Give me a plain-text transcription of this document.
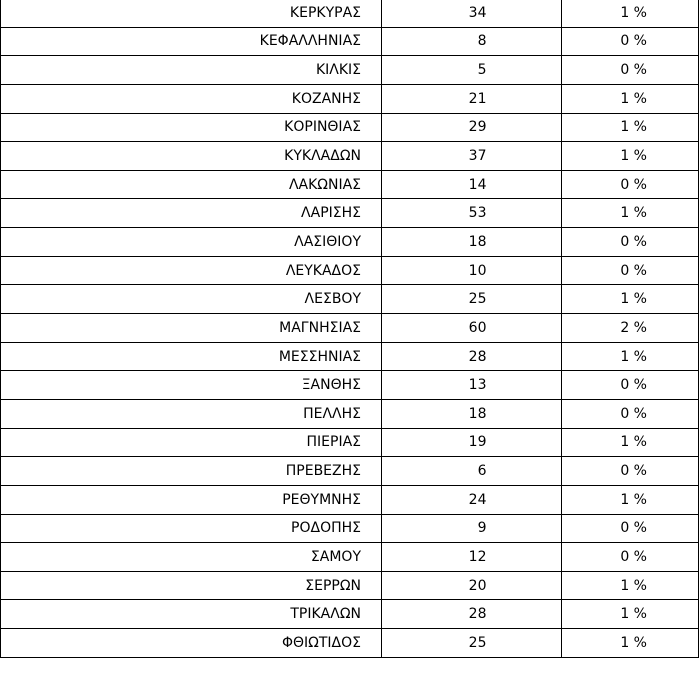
ΚΕΡΚΥΡΑΣ	34	1 %
ΚΕΦΑΛΛΗΝΙΑΣ	8	0 %
ΚΙΛΚΙΣ	5	0 %
ΚΟΖΑΝΗΣ	21	1 %
ΚΟΡΙΝΘΙΑΣ	29	1 %
ΚΥΚΛΑΔΩΝ	37	1 %
ΛΑΚΩΝΙΑΣ	14	0 %
ΛΑΡΙΣΗΣ	53	1 %
ΛΑΣΙΘΙΟΥ	18	0 %
ΛΕΥΚΑΔΟΣ	10	0 %
ΛΕΣΒΟΥ	25	1 %
ΜΑΓΝΗΣΙΑΣ	60	2 %
ΜΕΣΣΗΝΙΑΣ	28	1 %
ΞΑΝΘΗΣ	13	0 %
ΠΕΛΛΗΣ	18	0 %
ΠΙΕΡΙΑΣ	19	1 %
ΠΡΕΒΕΖΗΣ	6	0 %
ΡΕΘΥΜΝΗΣ	24	1 %
ΡΟΔΟΠΗΣ	9	0 %
ΣΑΜΟΥ	12	0 %
ΣΕΡΡΩΝ	20	1 %
ΤΡΙΚΑΛΩΝ	28	1 %
ΦΘΙΩΤΙΔΟΣ	25	1 %
